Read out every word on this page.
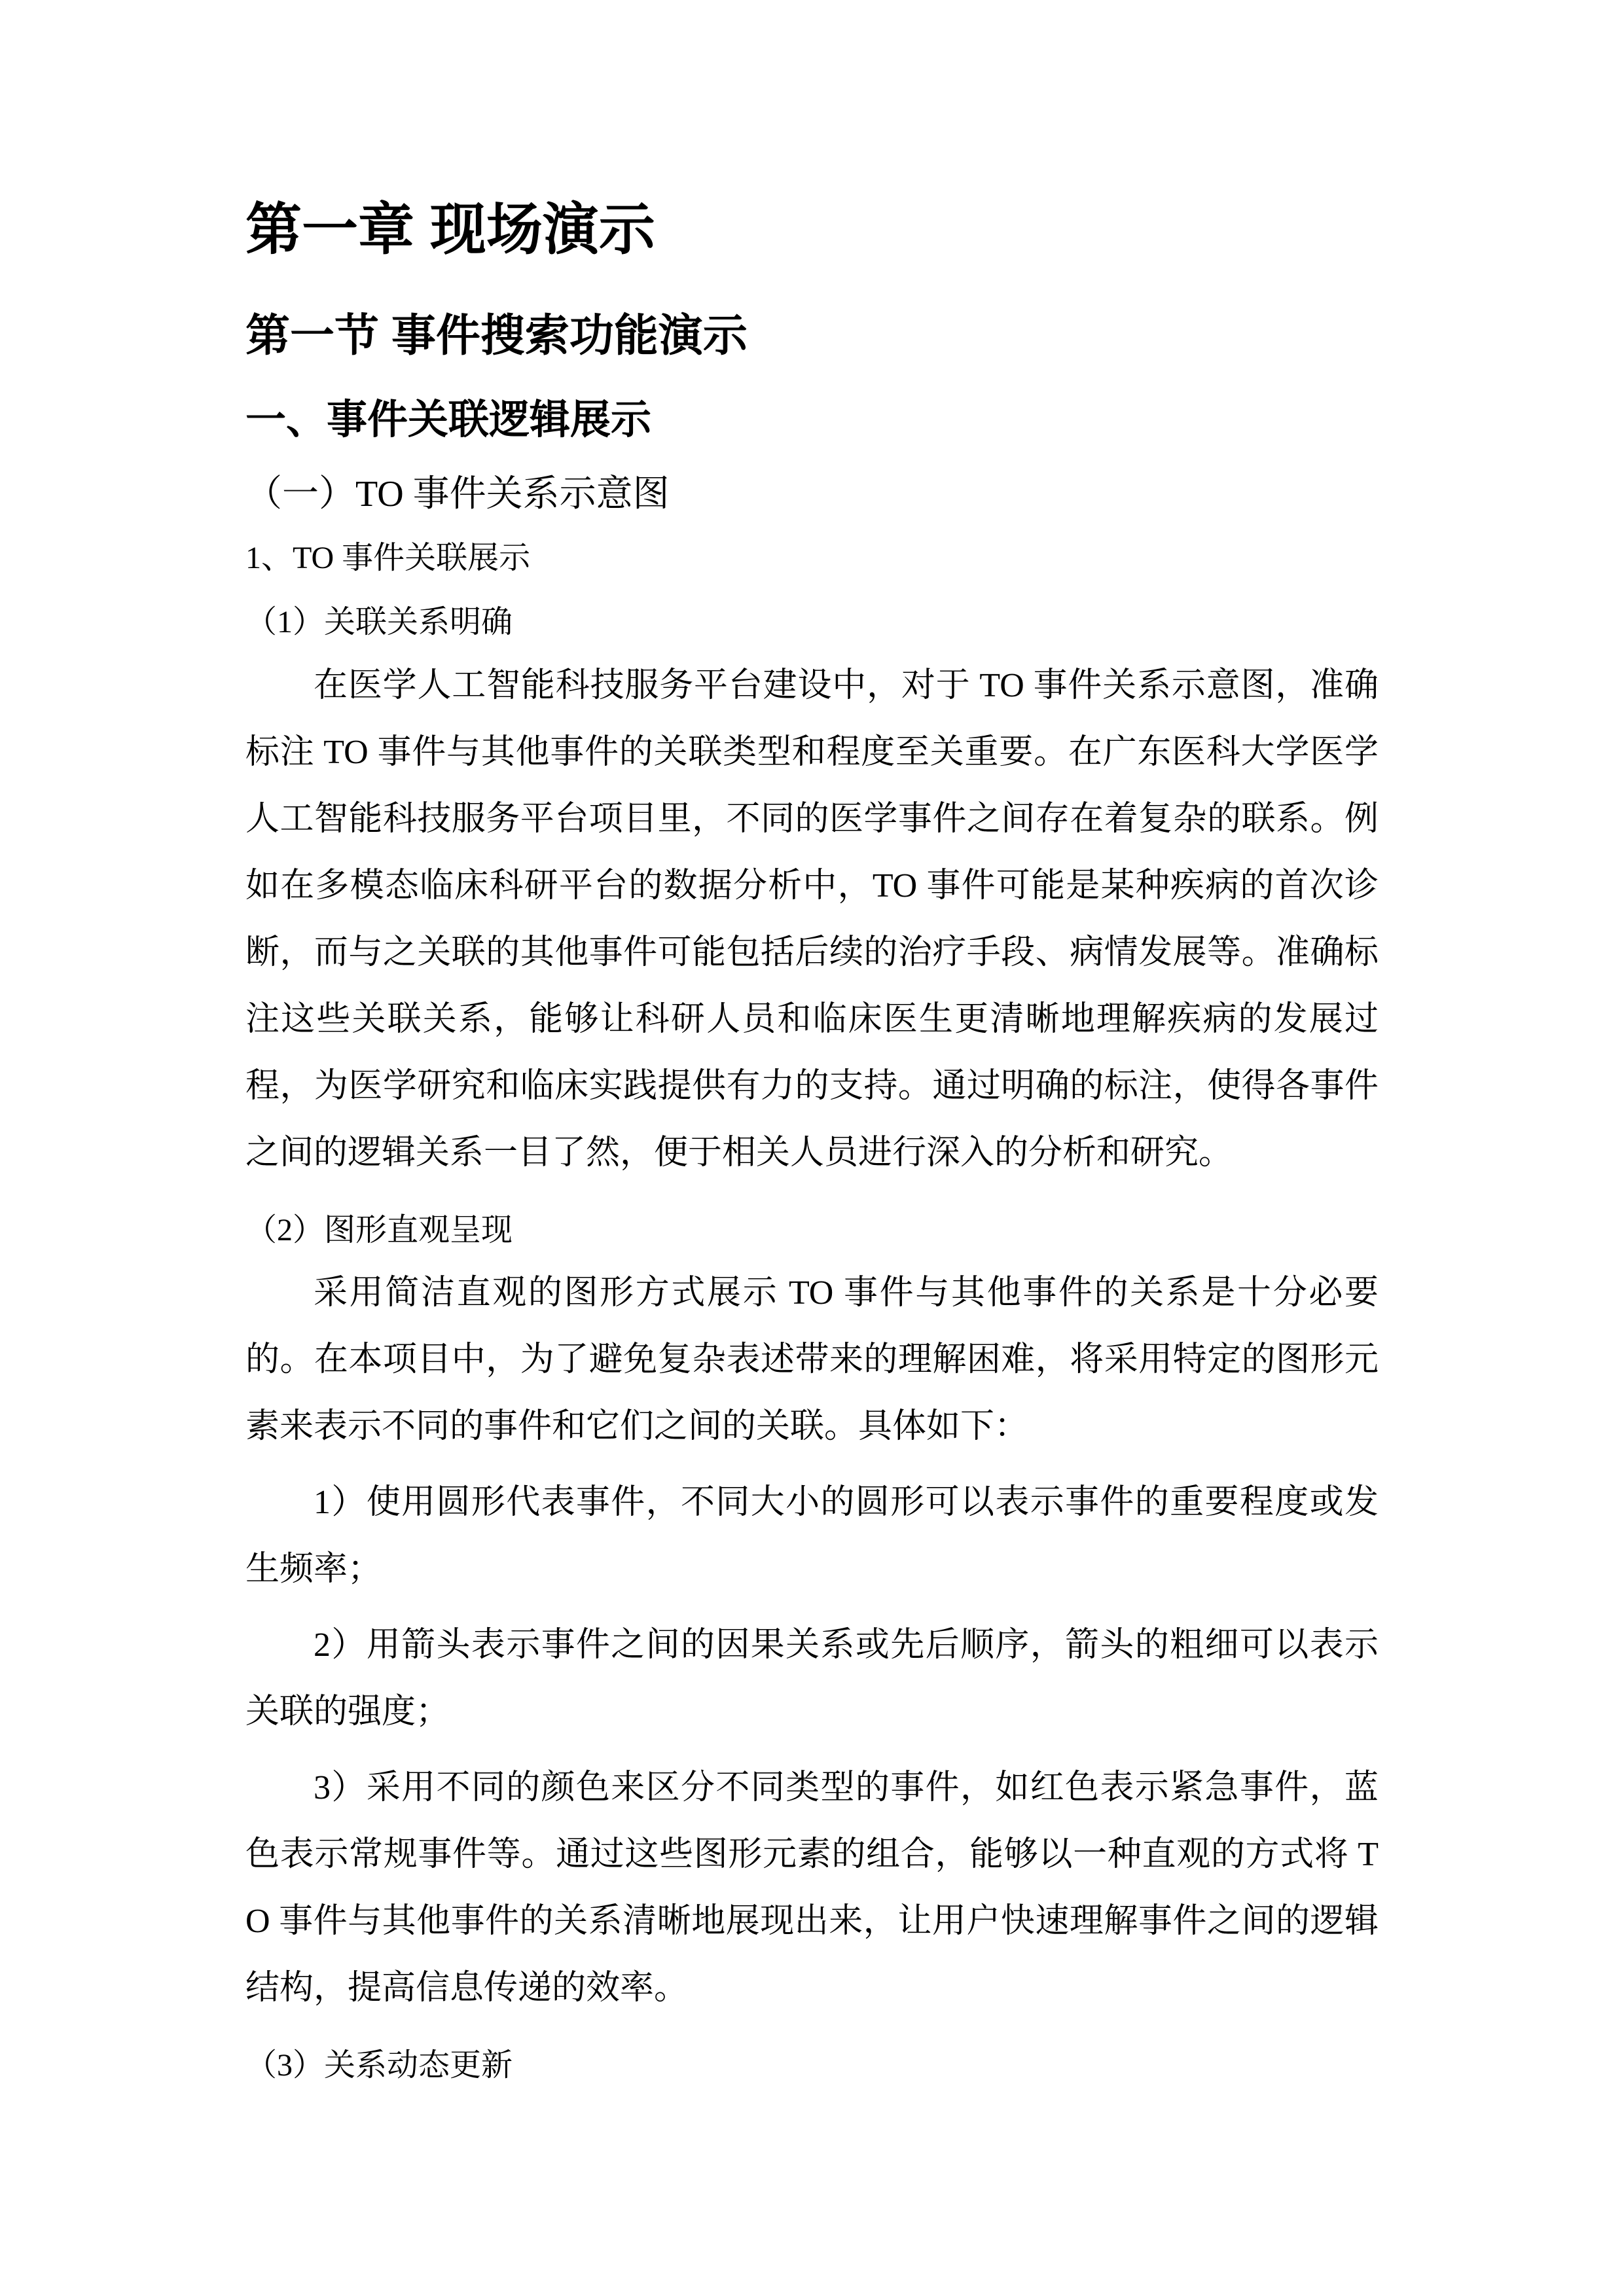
第一章 现场演示
第一节 事件搜索功能演示
一、事件关联逻辑展示
（一）TO 事件关系示意图
1、TO 事件关联展示
（1）关联关系明确
在医学人工智能科技服务平台建设中，对于 TO 事件关系示意图，准确标注 TO 事件与其他事件的关联类型和程度至关重要。在广东医科大学医学人工智能科技服务平台项目里，不同的医学事件之间存在着复杂的联系。例如在多模态临床科研平台的数据分析中，TO 事件可能是某种疾病的首次诊断，而与之关联的其他事件可能包括后续的治疗手段、病情发展等。准确标注这些关联关系，能够让科研人员和临床医生更清晰地理解疾病的发展过程，为医学研究和临床实践提供有力的支持。通过明确的标注，使得各事件之间的逻辑关系一目了然，便于相关人员进行深入的分析和研究。
（2）图形直观呈现
采用简洁直观的图形方式展示 TO 事件与其他事件的关系是十分必要的。在本项目中，为了避免复杂表述带来的理解困难，将采用特定的图形元素来表示不同的事件和它们之间的关联。具体如下：
1）使用圆形代表事件，不同大小的圆形可以表示事件的重要程度或发生频率；
2）用箭头表示事件之间的因果关系或先后顺序，箭头的粗细可以表示关联的强度；
3）采用不同的颜色来区分不同类型的事件，如红色表示紧急事件，蓝色表示常规事件等。通过这些图形元素的组合，能够以一种直观的方式将 TO 事件与其他事件的关系清晰地展现出来，让用户快速理解事件之间的逻辑结构，提高信息传递的效率。
（3）关系动态更新
